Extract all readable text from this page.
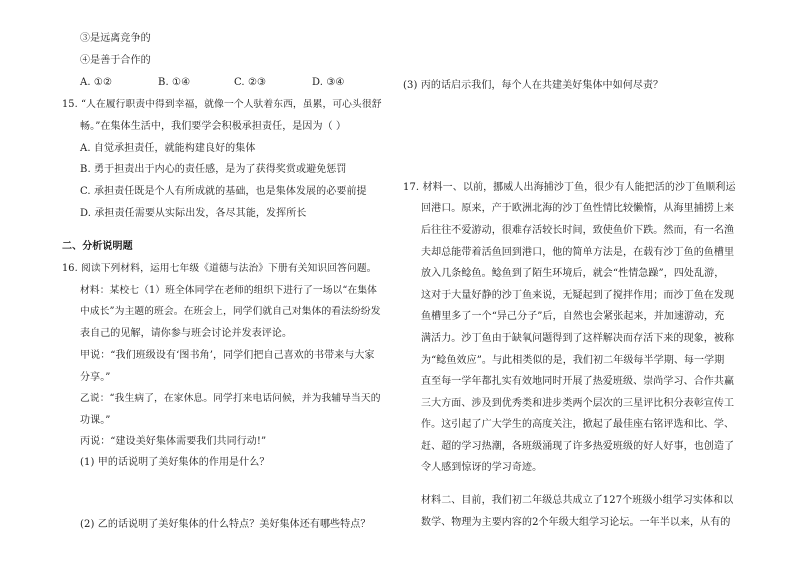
③是远离竞争的
④是善于合作的
A. ①②	B. ①④	C. ②③	D. ③④
15. “人在履行职责中得到幸福，就像一个人驮着东西，虽累，可心头很舒
畅。”在集体生活中，我们要学会积极承担责任，是因为（ ）
A. 自觉承担责任，就能构建良好的集体
B. 勇于担责出于内心的责任感，是为了获得奖赏或避免惩罚
C. 承担责任既是个人有所成就的基础，也是集体发展的必要前提
D. 承担责任需要从实际出发，各尽其能，发挥所长
二、分析说明题
16. 阅读下列材料，运用七年级《道德与法治》下册有关知识回答问题。
材料：某校七（1）班全体同学在老师的组织下进行了一场以“在集体
中成长”为主题的班会。在班会上，同学们就自己对集体的看法纷纷发
表自己的见解，请你参与班会讨论并发表评论。
甲说：“我们班级设有‘图书角’，同学们把自己喜欢的书带来与大家
分享。”
乙说：“我生病了，在家休息。同学打来电话问候，并为我辅导当天的
功课。”
丙说：“建设美好集体需要我们共同行动!”
(1) 甲的话说明了美好集体的作用是什么？
(2) 乙的话说明了美好集体的什么特点？美好集体还有哪些特点？
(3) 丙的话启示我们，每个人在共建美好集体中如何尽责？
17. 材料一、以前，挪威人出海捕沙丁鱼，很少有人能把活的沙丁鱼顺利运
回港口。原来，产于欧洲北海的沙丁鱼性情比较懒惰，从海里捕捞上来
后往往不爱游动，很难存活较长时间，致使鱼价下跌。然而，有一名渔
夫却总能带着活鱼回到港口，他的简单方法是，在载有沙丁鱼的鱼槽里
放入几条鲶鱼。鲶鱼到了陌生环境后，就会“性情急躁”，四处乱游，
这对于大量好静的沙丁鱼来说，无疑起到了搅拌作用；而沙丁鱼在发现
鱼槽里多了一个“异己分子”后，自然也会紧张起来，并加速游动，充
满活力。沙丁鱼由于缺氧问题得到了这样解决而存活下来的现象，被称
为“鲶鱼效应”。与此相类似的是，我们初二年级每半学期、每一学期
直至每一学年都扎实有效地同时开展了热爱班级、崇尚学习、合作共赢
三大方面、涉及到优秀类和进步类两个层次的三星评比积分表彰宣传工
作。这引起了广大学生的高度关注，掀起了最佳座右铭评选和比、学、
赶、超的学习热潮，各班级涌现了许多热爱班级的好人好事，也创造了
令人感到惊讶的学习奇迹。
材料二、目前，我们初二年级总共成立了127个班级小组学习实体和以
数学、物理为主要内容的2个年级大组学习论坛。一年半以来，从有的
